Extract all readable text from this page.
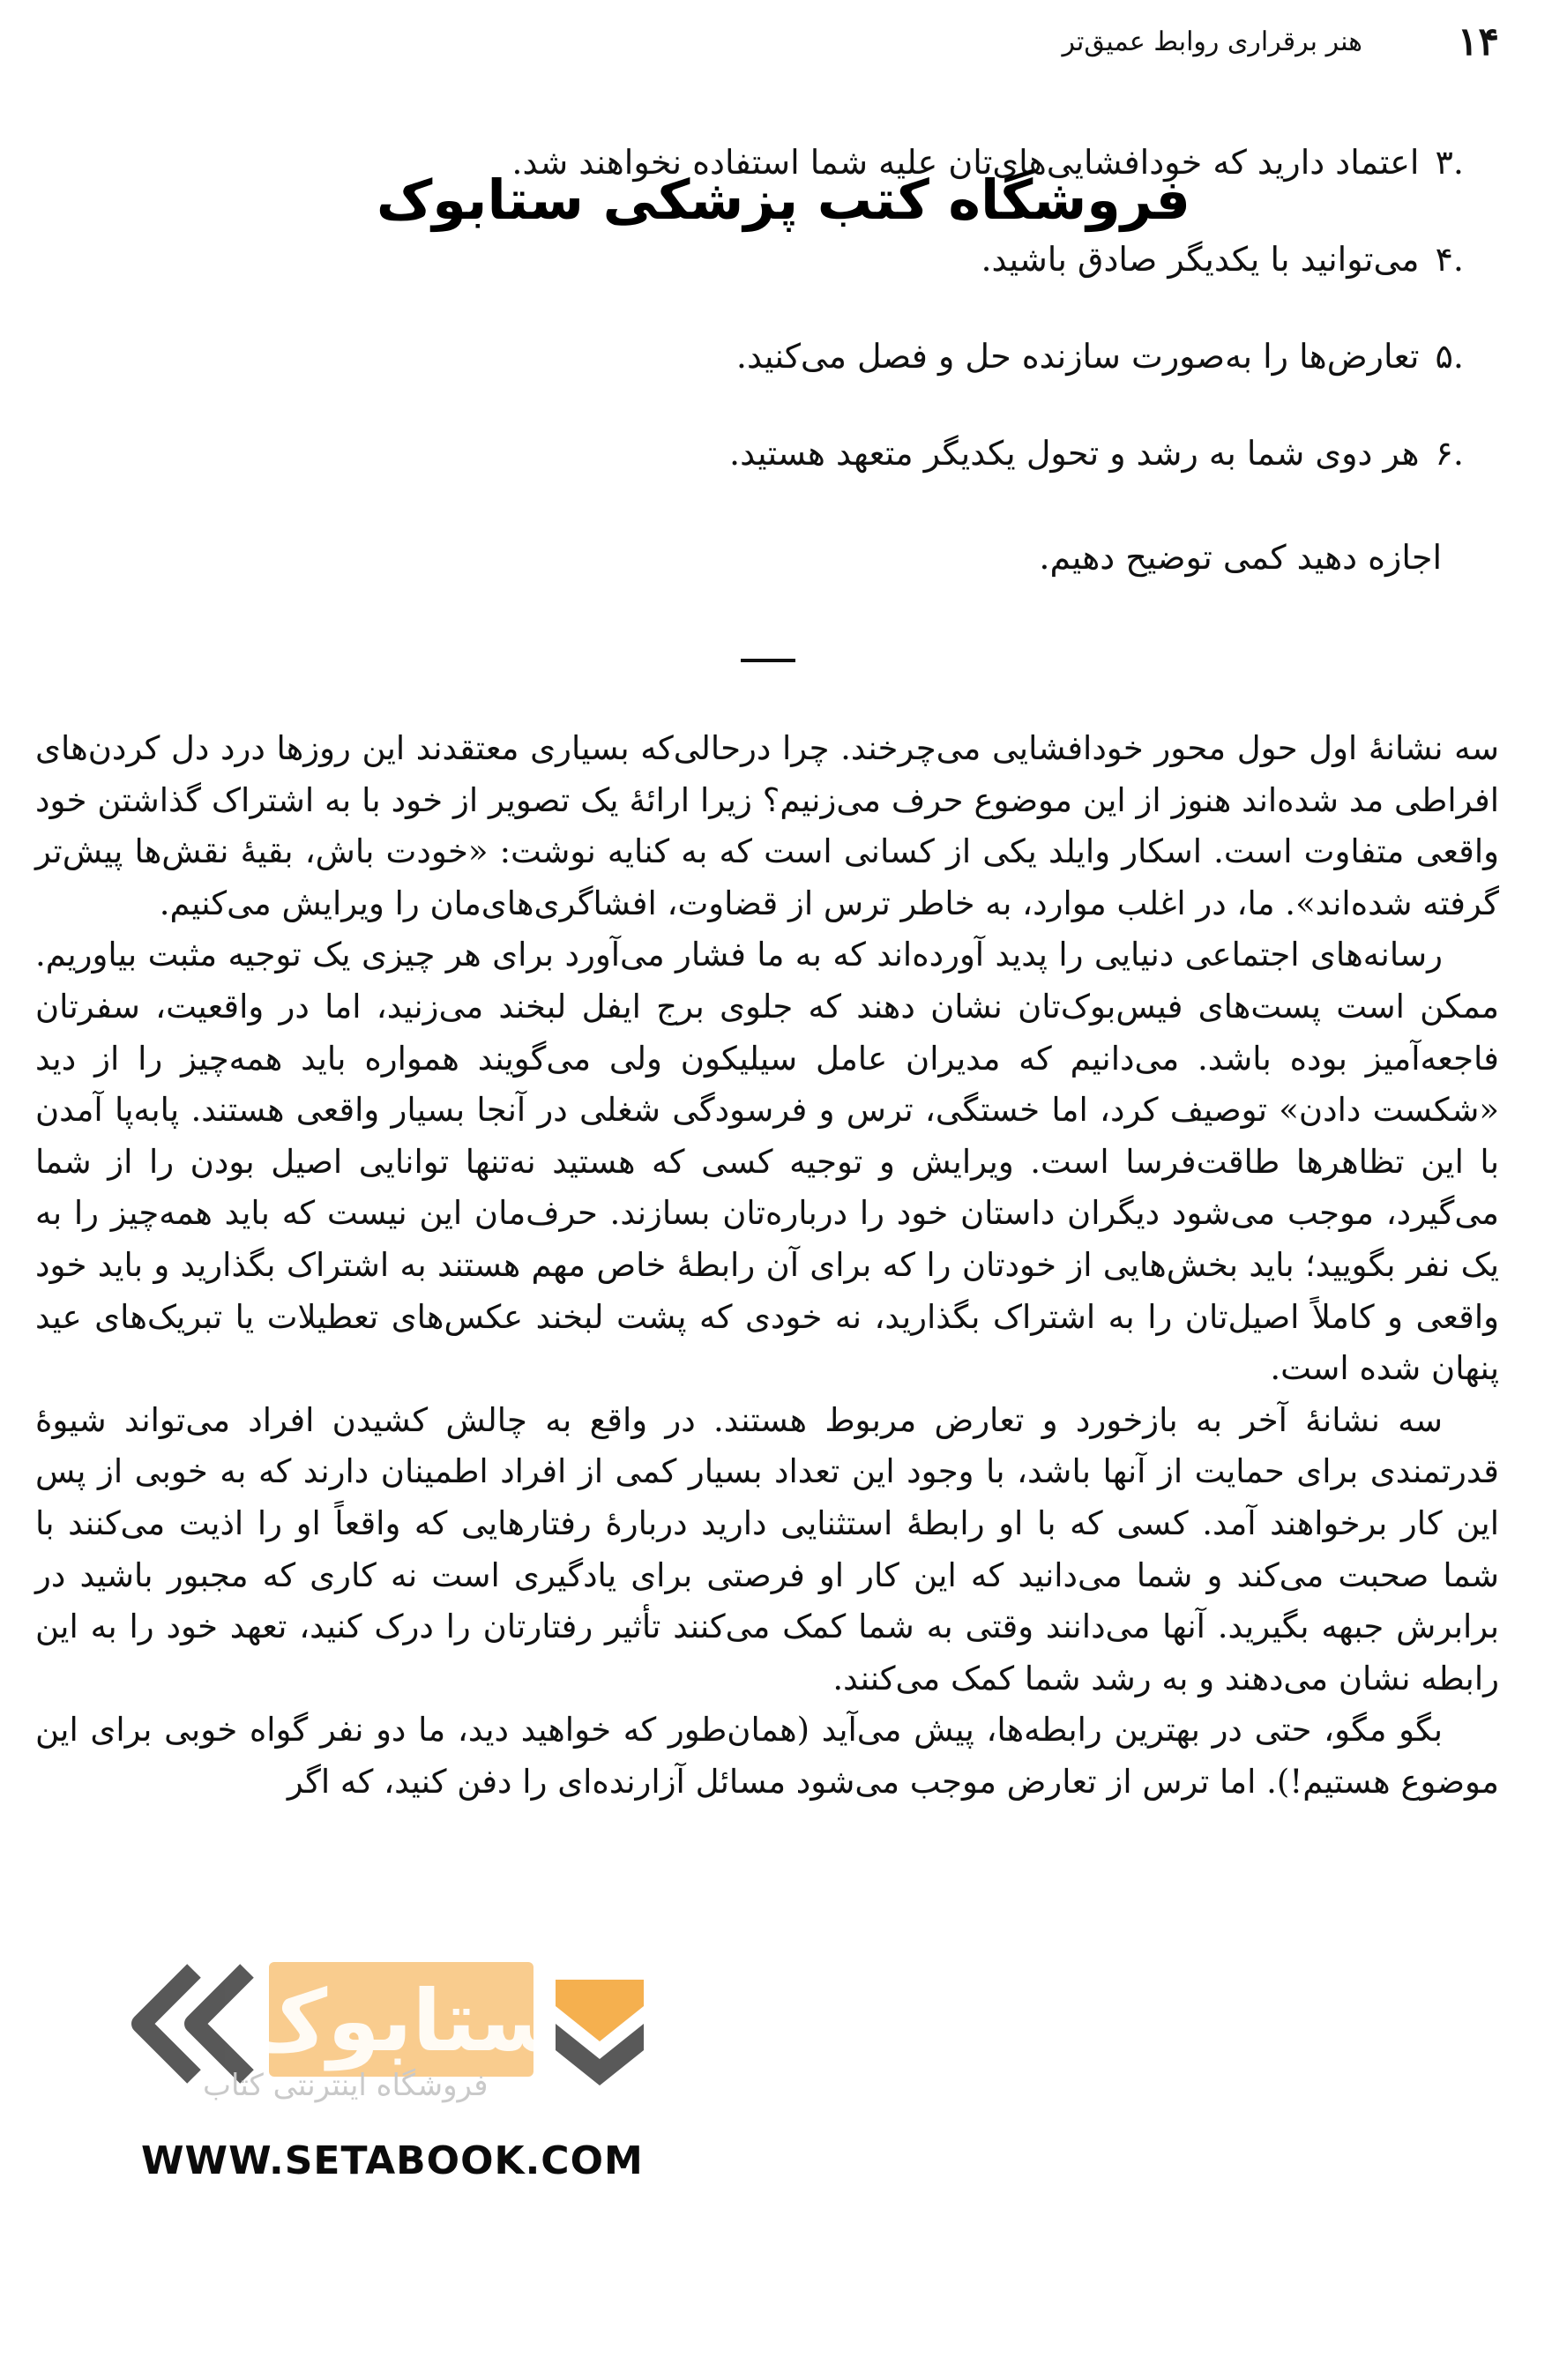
۱۴
هنر برقراری روابط عمیق‌تر
.۳اعتماد دارید که خودافشایی‌های‌تان علیه شما استفاده نخواهند شد.
.۴می‌توانید با یکدیگر صادق باشید.
.۵تعارض‌ها را به‌صورت سازنده حل و فصل می‌کنید.
.۶هر دوی شما به رشد و تحول یکدیگر متعهد هستید.
اجازه دهید کمی توضیح دهیم.

سه نشانهٔ اول حول محور خودافشایی می‌چرخند. چرا درحالی‌که بسیاری معتقدند این روزها درد دل کردن‌های افراطی مد شده‌اند هنوز از این موضوع حرف می‌زنیم؟ زیرا ارائهٔ یک تصویر از خود با به اشتراک گذاشتن خود واقعی متفاوت است. اسکار وایلد یکی از کسانی است که به کنایه نوشت: «خودت باش، بقیهٔ نقش‌ها پیش‌تر گرفته شده‌اند». ما، در اغلب موارد، به خاطر ترس از قضاوت، افشاگری‌های‌مان را ویرایش می‌کنیم.

رسانه‌های اجتماعی دنیایی را پدید آورده‌اند که به ما فشار می‌آورد برای هر چیزی یک توجیه مثبت بیاوریم. ممکن است پست‌های فیس‌بوک‌تان نشان دهند که جلوی برج ایفل لبخند می‌زنید، اما در واقعیت، سفرتان فاجعه‌آمیز بوده باشد. می‌دانیم که مدیران عامل سیلیکون ولی می‌گویند همواره باید همه‌چیز را از دید «شکست دادن» توصیف کرد، اما خستگی، ترس و فرسودگی شغلی در آنجا بسیار واقعی هستند. پابه‌پا آمدن با این تظاهرها طاقت‌فرسا است. ویرایش و توجیه کسی که هستید نه‌تنها توانایی اصیل بودن را از شما می‌گیرد، موجب می‌شود دیگران داستان خود را درباره‌تان بسازند. حرف‌مان این نیست که باید همه‌چیز را به یک نفر بگویید؛ باید بخش‌هایی از خودتان را که برای آن رابطهٔ خاص مهم هستند به اشتراک بگذارید و باید خود واقعی و کاملاً اصیل‌تان را به اشتراک بگذارید، نه خودی که پشت لبخند عکس‌های تعطیلات یا تبریک‌های عید پنهان شده است.

سه نشانهٔ آخر به بازخورد و تعارض مربوط هستند. در واقع به چالش کشیدن افراد می‌تواند شیوهٔ قدرتمندی برای حمایت از آنها باشد، با وجود این تعداد بسیار کمی از افراد اطمینان دارند که به خوبی از پس این کار برخواهند آمد. کسی که با او رابطهٔ استثنایی دارید دربارهٔ رفتارهایی که واقعاً او را اذیت می‌کنند با شما صحبت می‌کند و شما می‌دانید که این کار او فرصتی برای یادگیری است نه کاری که مجبور باشید در برابرش جبهه بگیرید. آنها می‌دانند وقتی به شما کمک می‌کنند تأثیر رفتارتان را درک کنید، تعهد خود را به این رابطه نشان می‌دهند و به رشد شما کمک می‌کنند.

بگو مگو، حتی در بهترین رابطه‌ها، پیش می‌آید (همان‌طور که خواهید دید، ما دو نفر گواه خوبی برای این موضوع هستیم!). اما ترس از تعارض موجب می‌شود مسائل آزارنده‌ای را دفن کنید، که اگر

فروشگاه کتب پزشکی ستابوک
ستابوک
فروشگاه اینترنتی کتاب
WWW.SETABOOK.COM
